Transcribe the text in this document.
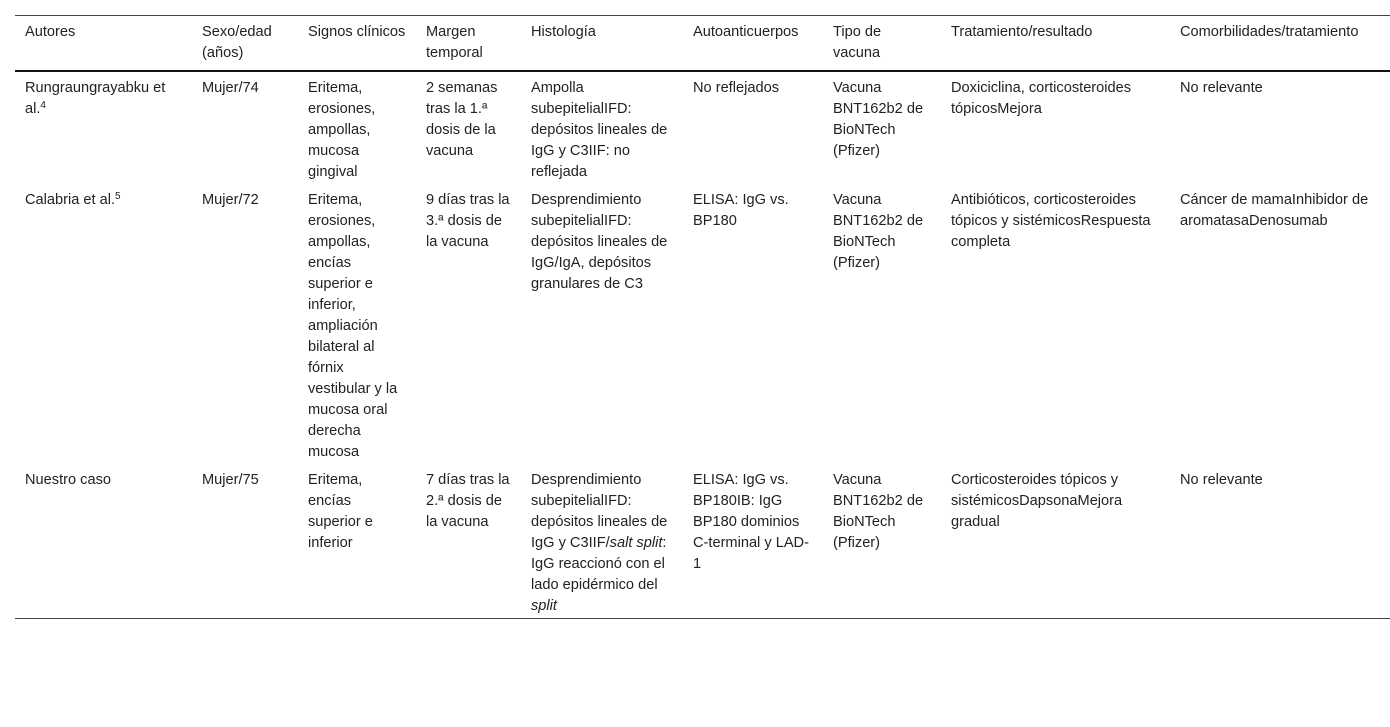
Autores	Sexo/edad (años)	Signos clínicos	Margen temporal	Histología	Autoanticuerpos	Tipo de vacuna	Tratamiento/resultado	Comorbilidades/tratamiento
Rungraungrayabku et al.$^4$	Mujer/74	Eritema, erosiones, ampollas, mucosa gingival	2 semanas tras la 1.ª dosis de la vacuna	Ampolla subepitelialIFD: depósitos lineales de IgG y C3IIF: no reflejada	No reflejados	Vacuna BNT162b2 de BioNTech (Pfizer)	Doxiciclina, corticosteroides tópicosMejora	No relevante
Calabria et al.$^5$	Mujer/72	Eritema, erosiones, ampollas, encías superior e inferior, ampliación bilateral al fórnix vestibular y la mucosa oral derecha mucosa	9 días tras la 3.ª dosis de la vacuna	Desprendimiento subepitelialIFD: depósitos lineales de IgG/IgA, depósitos granulares de C3	ELISA: IgG vs. BP180	Vacuna BNT162b2 de BioNTech (Pfizer)	Antibióticos, corticosteroides tópicos y sistémicosRespuesta completa	Cáncer de mamaInhibidor de aromatasaDenosumab
Nuestro caso	Mujer/75	Eritema, encías superior e inferior	7 días tras la 2.ª dosis de la vacuna	Desprendimiento subepitelialIFD: depósitos lineales de IgG y C3IIF/salt split: IgG reaccionó con el lado epidérmico del split	ELISA: IgG vs. BP180IB: IgG BP180 dominios C-terminal y LAD-1	Vacuna BNT162b2 de BioNTech (Pfizer)	Corticosteroides tópicos y sistémicosDapsonaMejora gradual	No relevante
